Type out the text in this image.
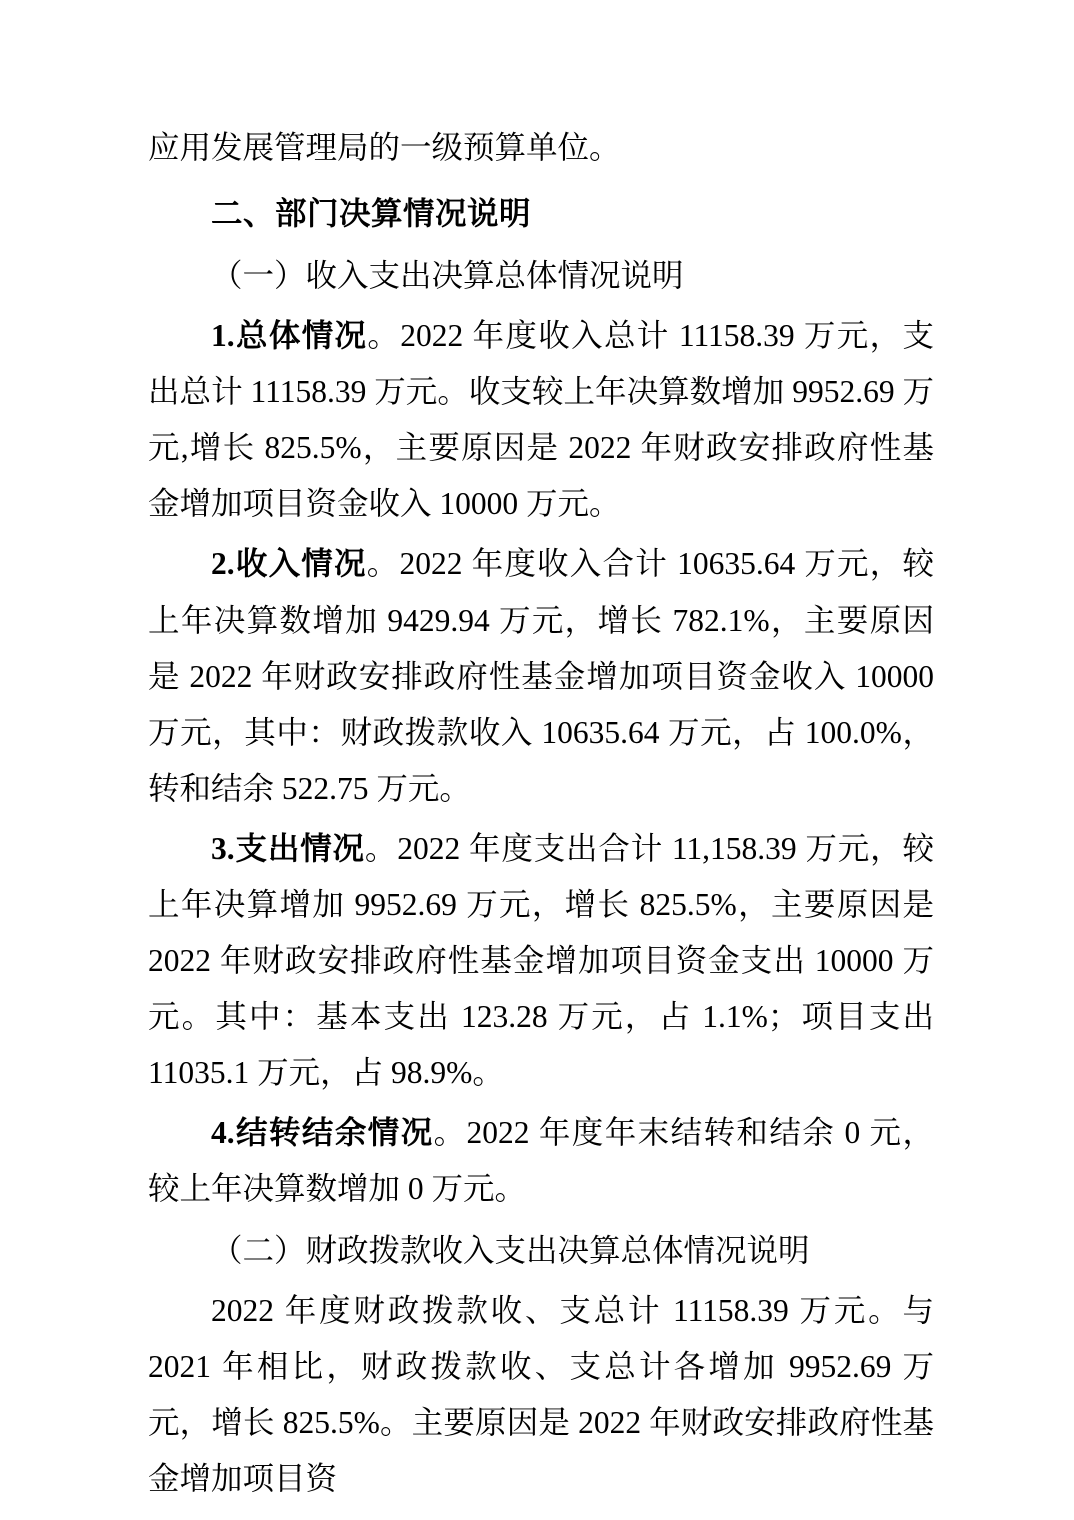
应用发展管理局的一级预算单位。

二、部门决算情况说明

（一）收入支出决算总体情况说明

1.总体情况。2022 年度收入总计 11158.39 万元，支出总计 11158.39 万元。收支较上年决算数增加 9952.69 万元,增长 825.5%，主要原因是 2022 年财政安排政府性基金增加项目资金收入 10000 万元。

2.收入情况。2022 年度收入合计 10635.64 万元，较上年决算数增加 9429.94 万元，增长 782.1%，主要原因是 2022 年财政安排政府性基金增加项目资金收入 10000 万元，其中：财政拨款收入 10635.64 万元，占 100.0%，转和结余 522.75 万元。

3.支出情况。2022 年度支出合计 11,158.39 万元，较上年决算增加 9952.69 万元，增长 825.5%，主要原因是 2022 年财政安排政府性基金增加项目资金支出 10000 万元。其中：基本支出 123.28 万元，占 1.1%；项目支出 11035.1 万元，占 98.9%。

4.结转结余情况。2022 年度年末结转和结余 0 元，较上年决算数增加 0 万元。

（二）财政拨款收入支出决算总体情况说明

2022 年度财政拨款收、支总计 11158.39 万元。与 2021 年相比，财政拨款收、支总计各增加 9952.69 万元，增长 825.5%。主要原因是 2022 年财政安排政府性基金增加项目资
